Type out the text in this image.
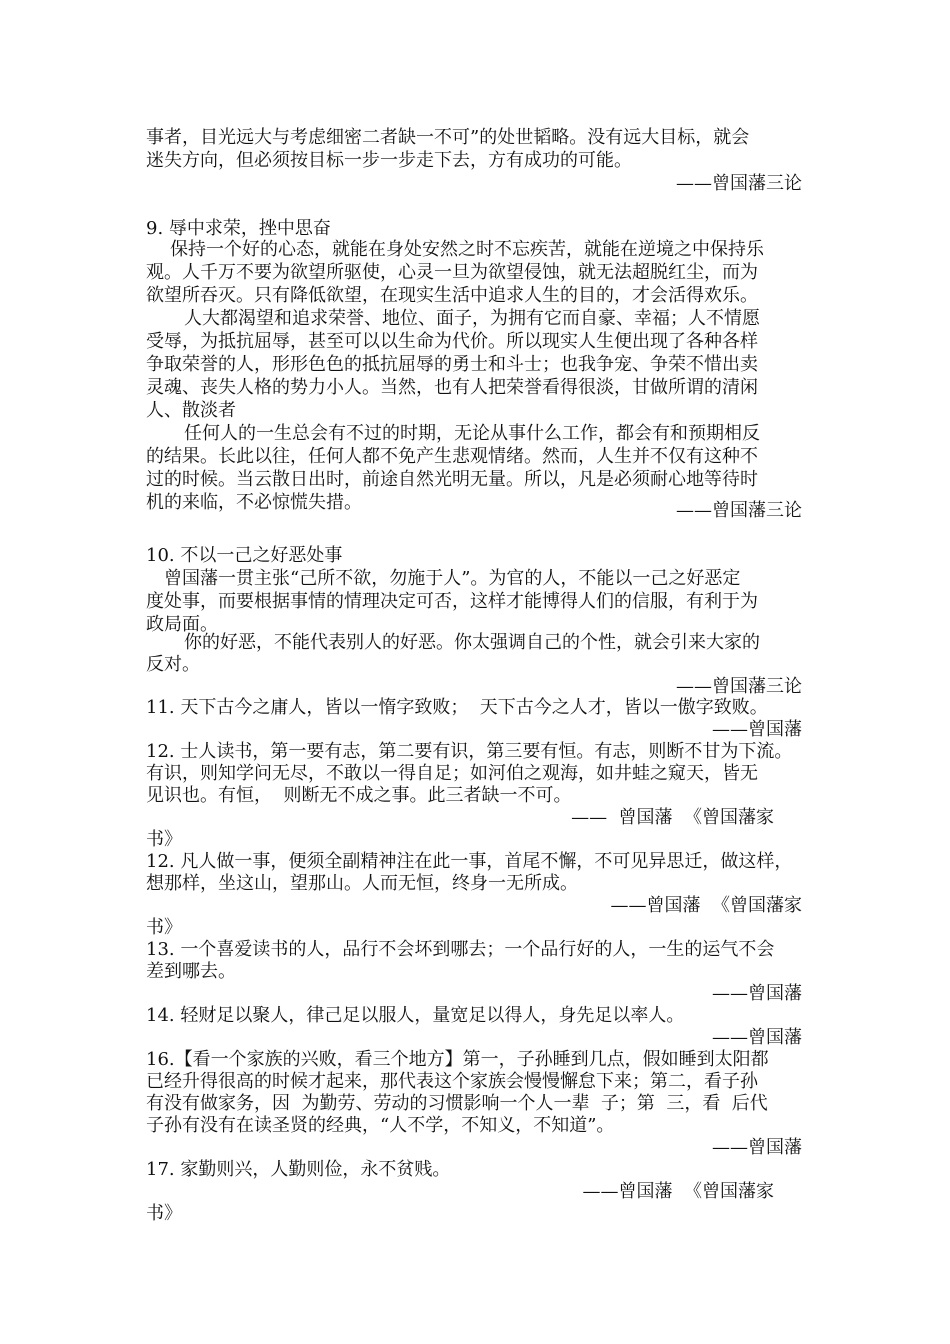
事者，目光远大与考虑细密二者缺一不可”的处世韬略。没有远大目标，就会
迷失方向，但必须按目标一步一步走下去，方有成功的可能。
——曾国藩三论
9. 辱中求荣，挫中思奋
保持一个好的心态，就能在身处安然之时不忘疾苦，就能在逆境之中保持乐
观。人千万不要为欲望所驱使，心灵一旦为欲望侵蚀，就无法超脱红尘，而为
欲望所吞灭。只有降低欲望，在现实生活中追求人生的目的，才会活得欢乐。
人大都渴望和追求荣誉、地位、面子，为拥有它而自豪、幸福；人不情愿
受辱，为抵抗屈辱，甚至可以以生命为代价。所以现实人生便出现了各种各样
争取荣誉的人，形形色色的抵抗屈辱的勇士和斗士；也我争宠、争荣不惜出卖
灵魂、丧失人格的势力小人。当然，也有人把荣誉看得很淡，甘做所谓的清闲
人、散淡者
任何人的一生总会有不过的时期，无论从事什么工作，都会有和预期相反
的结果。长此以往，任何人都不免产生悲观情绪。然而，人生并不仅有这种不
过的时候。当云散日出时，前途自然光明无量。所以，凡是必须耐心地等待时
机的来临，不必惊慌失措。	——曾国藩三论
10. 不以一己之好恶处事
曾国藩一贯主张“己所不欲，勿施于人”。为官的人，不能以一己之好恶定
度处事，而要根据事情的情理决定可否，这样才能博得人们的信服，有利于为
政局面。
你的好恶，不能代表别人的好恶。你太强调自己的个性，就会引来大家的
反对。
——曾国藩三论
11. 天下古今之庸人，皆以一惰字致败；  天下古今之人才，皆以一傲字致败。
——曾国藩
12. 士人读书，第一要有志，第二要有识，第三要有恒。有志，则断不甘为下流。
有识，则知学问无尽，不敢以一得自足；如河伯之观海，如井蛙之窥天，皆无
见识也。有恒，  则断无不成之事。此三者缺一不可。
——  曾国藩  《曾国藩家
书》
12. 凡人做一事，便须全副精神注在此一事，首尾不懈，不可见异思迁，做这样，
想那样，坐这山，望那山。人而无恒，终身一无所成。
——曾国藩  《曾国藩家
书》
13. 一个喜爱读书的人，品行不会坏到哪去；一个品行好的人，一生的运气不会
差到哪去。
——曾国藩
14. 轻财足以聚人，律己足以服人，量宽足以得人，身先足以率人。
——曾国藩
16.【看一个家族的兴败，看三个地方】第一，子孙睡到几点，假如睡到太阳都
已经升得很高的时候才起来，那代表这个家族会慢慢懈怠下来；第二，看子孙
有没有做家务，因  为勤劳、劳动的习惯影响一个人一辈  子；第  三，看  后代
子孙有没有在读圣贤的经典，“人不学，不知义，不知道”。
——曾国藩
17. 家勤则兴，人勤则俭，永不贫贱。
——曾国藩  《曾国藩家
书》
